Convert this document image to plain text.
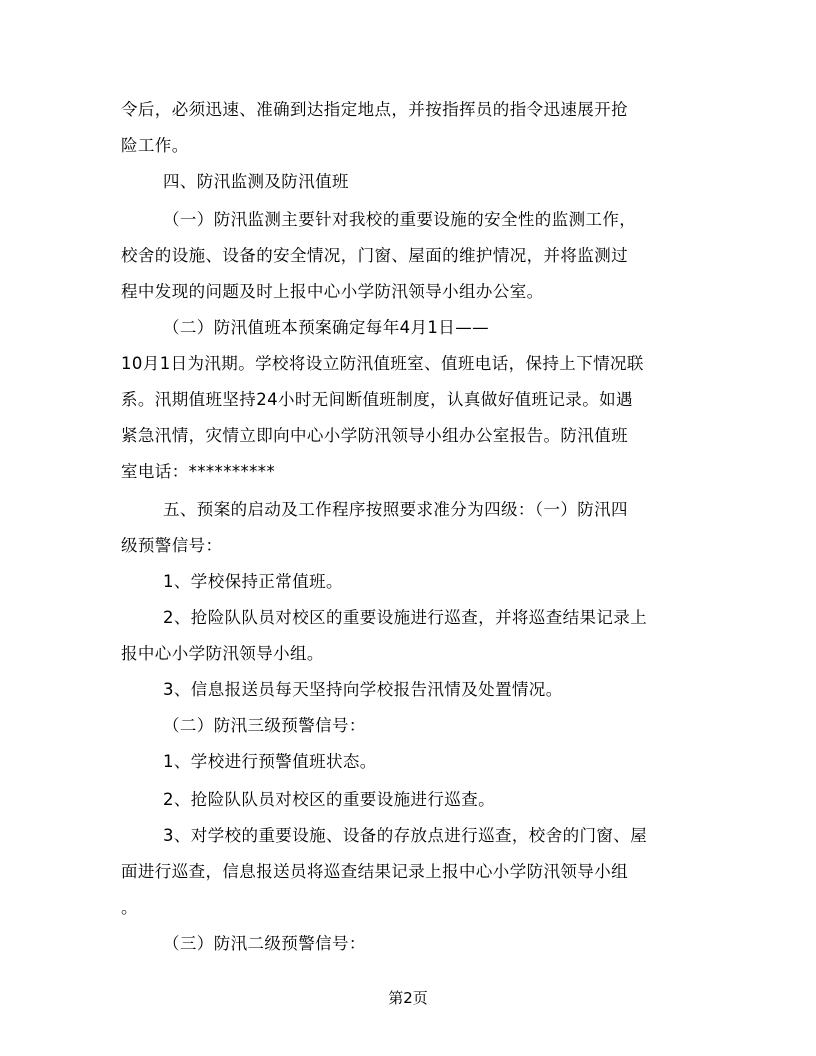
令后，必须迅速、准确到达指定地点，并按指挥员的指令迅速展开抢
险工作。
四、防汛监测及防汛值班
（一）防汛监测主要针对我校的重要设施的安全性的监测工作，
校舍的设施、设备的安全情况，门窗、屋面的维护情况，并将监测过
程中发现的问题及时上报中心小学防汛领导小组办公室。
（二）防汛值班本预案确定每年4月1日——
10月1日为汛期。学校将设立防汛值班室、值班电话，保持上下情况联
系。汛期值班坚持24小时无间断值班制度，认真做好值班记录。如遇
紧急汛情，灾情立即向中心小学防汛领导小组办公室报告。防汛值班
室电话：**********
五、预案的启动及工作程序按照要求准分为四级：（一）防汛四
级预警信号：
1、学校保持正常值班。
2、抢险队队员对校区的重要设施进行巡查，并将巡查结果记录上
报中心小学防汛领导小组。
3、信息报送员每天坚持向学校报告汛情及处置情况。
（二）防汛三级预警信号：
1、学校进行预警值班状态。
2、抢险队队员对校区的重要设施进行巡查。
3、对学校的重要设施、设备的存放点进行巡查，校舍的门窗、屋
面进行巡查，信息报送员将巡查结果记录上报中心小学防汛领导小组
。
（三）防汛二级预警信号：
第2页
